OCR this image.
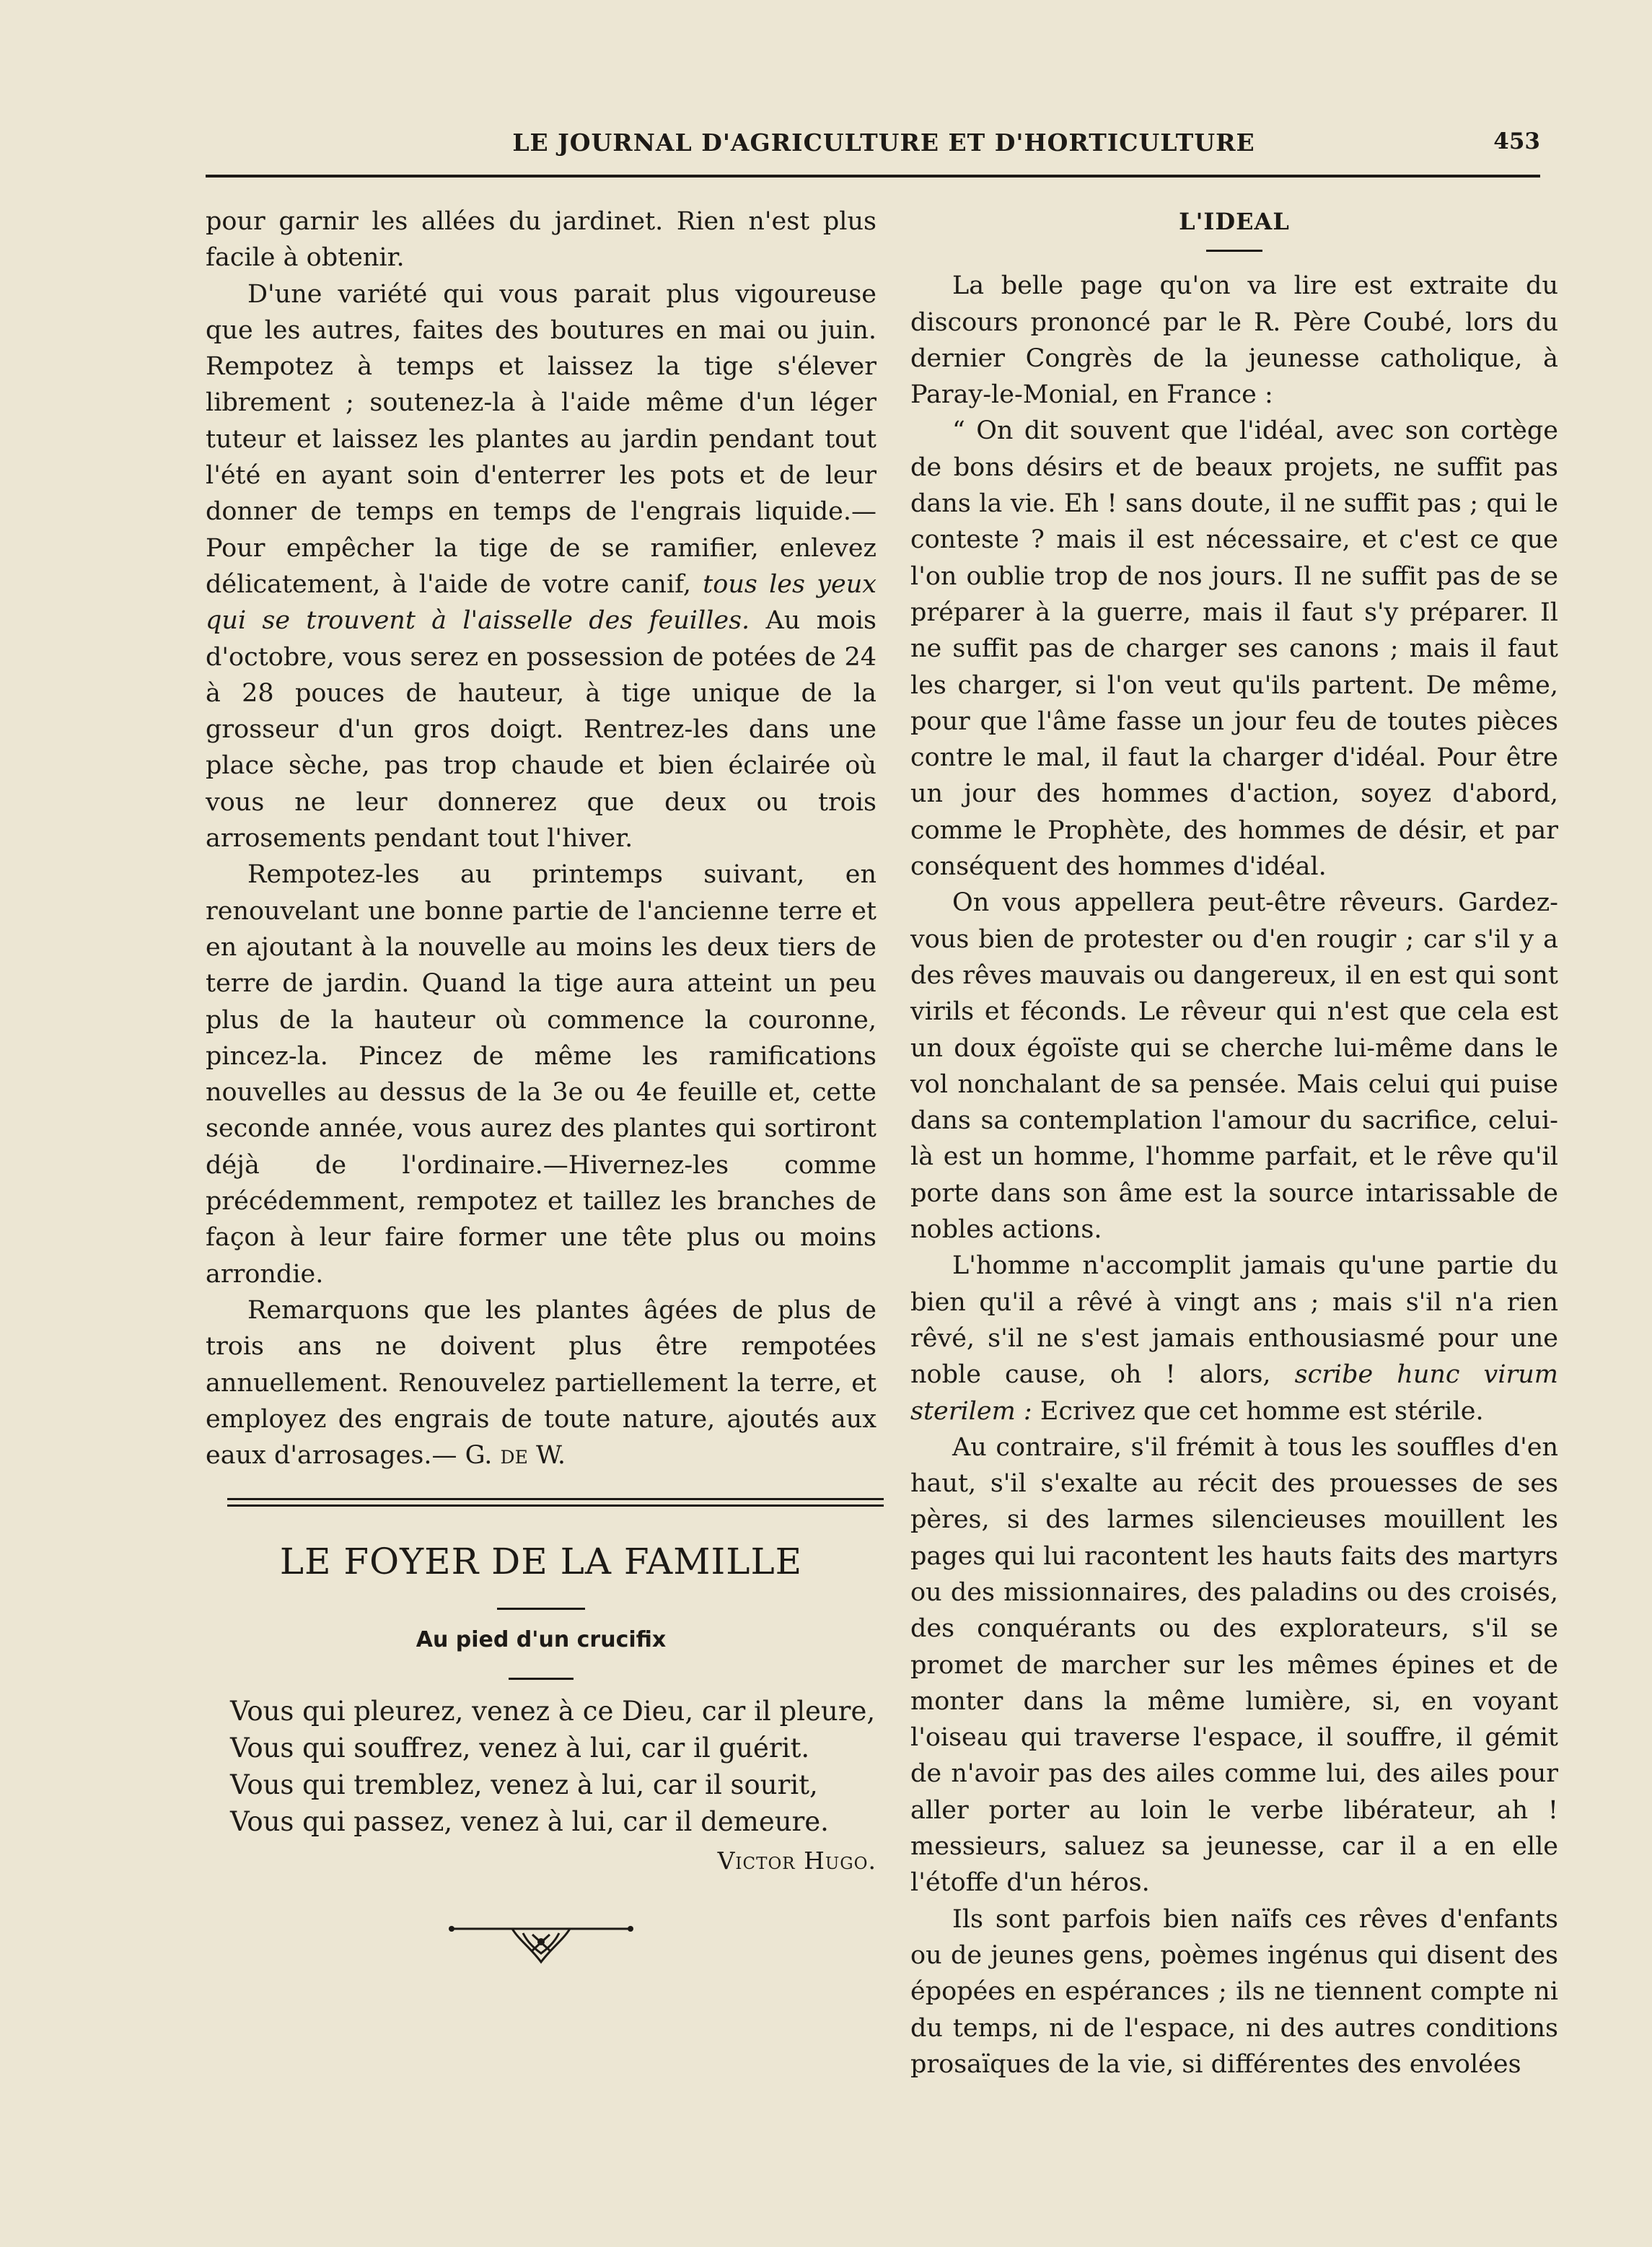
LE JOURNAL D'AGRICULTURE ET D'HORTICULTURE	453

pour garnir les allées du jardinet. Rien n'est plus facile à obtenir.

D'une variété qui vous parait plus vigoureuse que les autres, faites des boutures en mai ou juin. Rempotez à temps et laissez la tige s'élever librement ; soutenez-la à l'aide même d'un léger tuteur et laissez les plantes au jardin pendant tout l'été en ayant soin d'enterrer les pots et de leur donner de temps en temps de l'engrais liquide.—Pour empêcher la tige de se ramifier, enlevez délicatement, à l'aide de votre canif, tous les yeux qui se trouvent à l'aisselle des feuilles. Au mois d'octobre, vous serez en possession de potées de 24 à 28 pouces de hauteur, à tige unique de la grosseur d'un gros doigt. Rentrez-les dans une place sèche, pas trop chaude et bien éclairée où vous ne leur donnerez que deux ou trois arrosements pendant tout l'hiver.

Rempotez-les au printemps suivant, en renouvelant une bonne partie de l'ancienne terre et en ajoutant à la nouvelle au moins les deux tiers de terre de jardin. Quand la tige aura atteint un peu plus de la hauteur où commence la couronne, pincez-la. Pincez de même les ramifications nouvelles au dessus de la 3e ou 4e feuille et, cette seconde année, vous aurez des plantes qui sortiront déjà de l'ordinaire.—Hivernez-les comme précédemment, rempotez et taillez les branches de façon à leur faire former une tête plus ou moins arrondie.

Remarquons que les plantes âgées de plus de trois ans ne doivent plus être rempotées annuellement. Renouvelez partiellement la terre, et employez des engrais de toute nature, ajoutés aux eaux d'arrosages.— G. de W.

LE FOYER DE LA FAMILLE
Au pied d'un crucifix
Vous qui pleurez, venez à ce Dieu, car il pleure,
Vous qui souffrez, venez à lui, car il guérit.
Vous qui tremblez, venez à lui, car il sourit,
Vous qui passez, venez à lui, car il demeure.
Victor Hugo.
L'IDEAL

La belle page qu'on va lire est extraite du discours prononcé par le R. Père Coubé, lors du dernier Congrès de la jeunesse catholique, à Paray-le-Monial, en France :

“ On dit souvent que l'idéal, avec son cortège de bons désirs et de beaux projets, ne suffit pas dans la vie. Eh ! sans doute, il ne suffit pas ; qui le conteste ? mais il est nécessaire, et c'est ce que l'on oublie trop de nos jours. Il ne suffit pas de se préparer à la guerre, mais il faut s'y préparer. Il ne suffit pas de charger ses canons ; mais il faut les charger, si l'on veut qu'ils partent. De même, pour que l'âme fasse un jour feu de toutes pièces contre le mal, il faut la charger d'idéal. Pour être un jour des hommes d'action, soyez d'abord, comme le Prophète, des hommes de désir, et par conséquent des hommes d'idéal.

On vous appellera peut-être rêveurs. Gardez-vous bien de protester ou d'en rougir ; car s'il y a des rêves mauvais ou dangereux, il en est qui sont virils et féconds. Le rêveur qui n'est que cela est un doux égoïste qui se cherche lui-même dans le vol nonchalant de sa pensée. Mais celui qui puise dans sa contemplation l'amour du sacrifice, celui-là est un homme, l'homme parfait, et le rêve qu'il porte dans son âme est la source intarissable de nobles actions.

L'homme n'accomplit jamais qu'une partie du bien qu'il a rêvé à vingt ans ; mais s'il n'a rien rêvé, s'il ne s'est jamais enthousiasmé pour une noble cause, oh ! alors, scribe hunc virum sterilem : Ecrivez que cet homme est stérile.

Au contraire, s'il frémit à tous les souffles d'en haut, s'il s'exalte au récit des prouesses de ses pères, si des larmes silencieuses mouillent les pages qui lui racontent les hauts faits des martyrs ou des missionnaires, des paladins ou des croisés, des conquérants ou des explorateurs, s'il se promet de marcher sur les mêmes épines et de monter dans la même lumière, si, en voyant l'oiseau qui traverse l'espace, il souffre, il gémit de n'avoir pas des ailes comme lui, des ailes pour aller porter au loin le verbe libérateur, ah ! messieurs, saluez sa jeunesse, car il a en elle l'étoffe d'un héros.

Ils sont parfois bien naïfs ces rêves d'enfants ou de jeunes gens, poèmes ingénus qui disent des épopées en espérances ; ils ne tiennent compte ni du temps, ni de l'espace, ni des autres conditions prosaïques de la vie, si différentes des envolées
